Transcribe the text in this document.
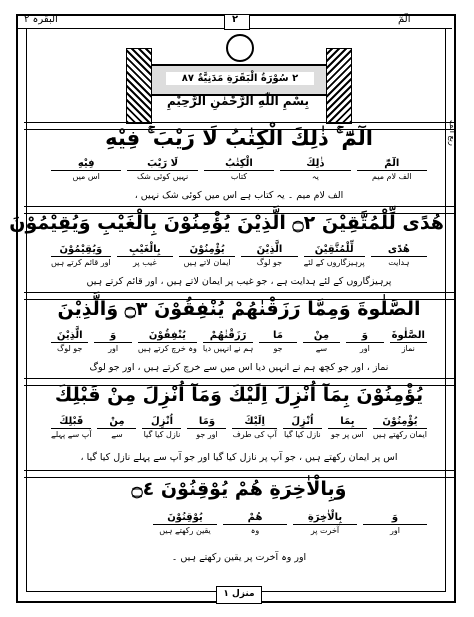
الٓمٓ
۲
البقرہ ۲
ربع الف
٢ سُوْرَةُ الْبَقَرَةِ مَدَنِيَّةٌ ٨٧
بِسْمِ اللّٰهِ الرَّحْمٰنِ الرَّحِيْمِ
الٓمّٓ ۚ ذٰلِكَ الْكِتٰبُ لَا رَيْبَ ۚ فِيْهِ
الٓمّٓ
الف لام میم
ذٰلِكَ
یہ
الْكِتٰبُ
کتاب
لَا رَيْبَ
نہیں کوئی شک
فِيْهِ
اس میں
الف لام میم ۔ یہ کتاب ہے اس میں کوئی شک نہیں ،
هُدًى لِّلْمُتَّقِيْنَ ۝٢ الَّذِيْنَ يُؤْمِنُوْنَ بِالْغَيْبِ وَيُقِيْمُوْنَ
هُدًى
ہدایت
لِّلْمُتَّقِيْنَ
پرہیزگاروں کے لئے
الَّذِيْنَ
جو لوگ
يُؤْمِنُوْنَ
ایمان لاتے ہیں
بِالْغَيْبِ
غیب پر
وَيُقِيْمُوْنَ
اور قائم کرتے ہیں
پرہیزگاروں کے لئے ہدایت ہے ، جو غیب پر ایمان لاتے ہیں ، اور قائم کرتے ہیں
الصَّلٰوةَ وَمِمَّا رَزَقْنٰهُمْ يُنْفِقُوْنَ ۝٣ وَالَّذِيْنَ
الصَّلٰوةَ
نماز
وَ
اور
مِنْ
سے
مَا
جو
رَزَقْنٰهُمْ
ہم نے انہیں دیا
يُنْفِقُوْنَ
وہ خرچ کرتے ہیں
وَ
اور
الَّذِيْنَ
جو لوگ
نماز ، اور جو کچھ ہم نے انہیں دیا اس میں سے خرچ کرتے ہیں ، اور جو لوگ
يُؤْمِنُوْنَ بِمَآ اُنْزِلَ اِلَيْكَ وَمَآ اُنْزِلَ مِنْ قَبْلِكَ
يُؤْمِنُوْنَ
ایمان رکھتے ہیں
بِمَا
اس پر جو
اُنْزِلَ
نازل کیا گیا
اِلَيْكَ
آپ کی طرف
وَمَا
اور جو
اُنْزِلَ
نازل کیا گیا
مِنْ
سے
قَبْلِكَ
آپ سے پہلے
اس پر ایمان رکھتے ہیں ، جو آپ پر نازل کیا گیا اور جو آپ سے پہلے نازل کیا گیا ،
وَبِالْاٰخِرَةِ هُمْ يُوْقِنُوْنَ ۝٤
وَ
اور
بِالْاٰخِرَةِ
آخرت پر
هُمْ
وہ
يُوْقِنُوْنَ
یقین رکھتے ہیں
اور وہ آخرت پر یقین رکھتے ہیں ۔
منزل ۱
